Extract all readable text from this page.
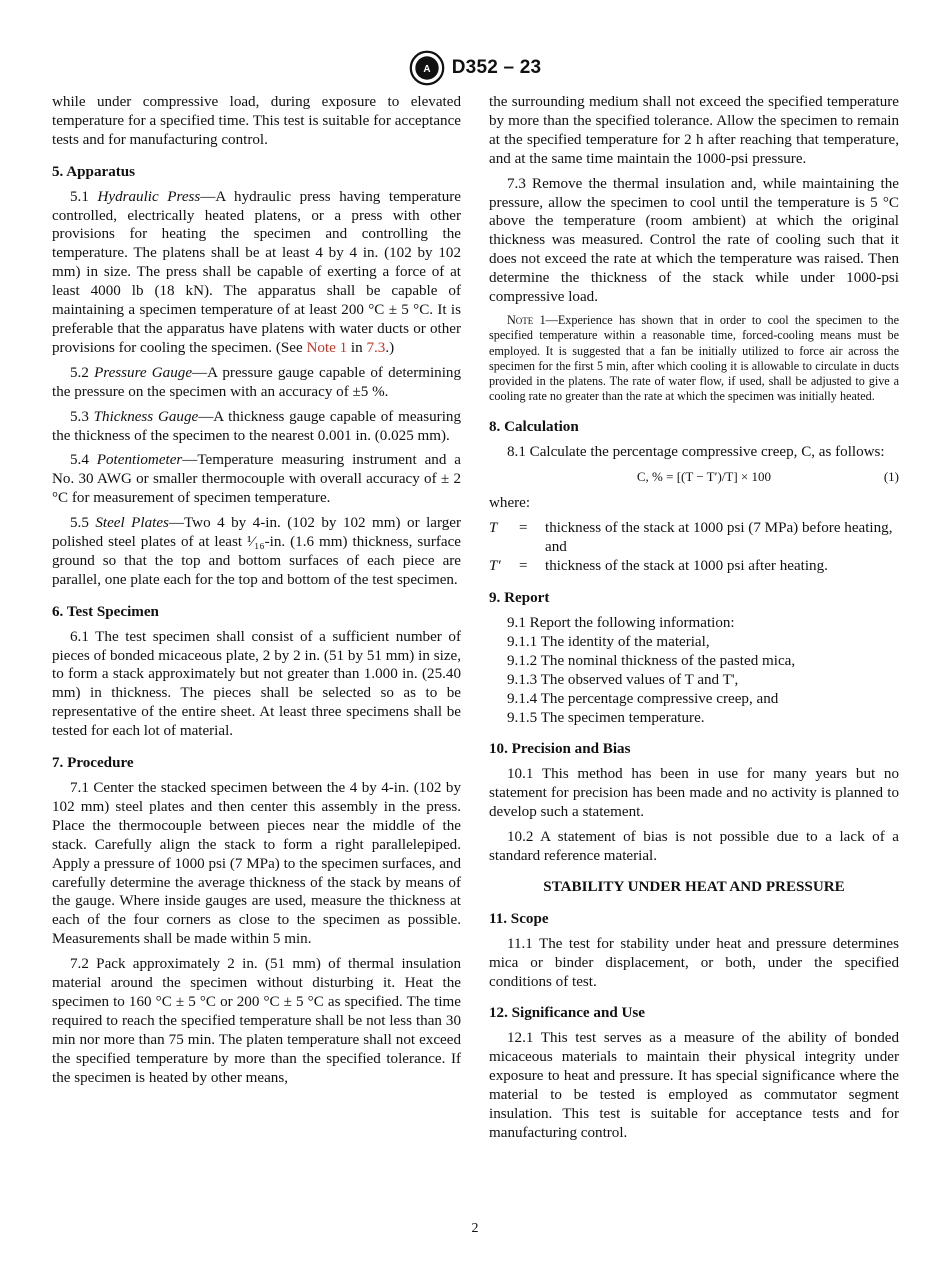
A D352 – 23

while under compressive load, during exposure to elevated temperature for a specified time. This test is suitable for acceptance tests and for manufacturing control.

5. Apparatus

5.1 Hydraulic Press—A hydraulic press having temperature controlled, electrically heated platens, or a press with other provisions for heating the specimen and controlling the temperature. The platens shall be at least 4 by 4 in. (102 by 102 mm) in size. The press shall be capable of exerting a force of at least 4000 lb (18 kN). The apparatus shall be capable of maintaining a specimen temperature of at least 200 °C ± 5 °C. It is preferable that the apparatus have platens with water ducts or other provisions for cooling the specimen. (See Note 1 in 7.3.)

5.2 Pressure Gauge—A pressure gauge capable of determining the pressure on the specimen with an accuracy of ±5 %.

5.3 Thickness Gauge—A thickness gauge capable of measuring the thickness of the specimen to the nearest 0.001 in. (0.025 mm).

5.4 Potentiometer—Temperature measuring instrument and a No. 30 AWG or smaller thermocouple with overall accuracy of ± 2 °C for measurement of specimen temperature.

5.5 Steel Plates—Two 4 by 4-in. (102 by 102 mm) or larger polished steel plates of at least ¹⁄₁₆-in. (1.6 mm) thickness, surface ground so that the top and bottom surfaces of each piece are parallel, one plate each for the top and bottom of the test specimen.

6. Test Specimen

6.1 The test specimen shall consist of a sufficient number of pieces of bonded micaceous plate, 2 by 2 in. (51 by 51 mm) in size, to form a stack approximately but not greater than 1.000 in. (25.40 mm) in thickness. The pieces shall be selected so as to be representative of the entire sheet. At least three specimens shall be tested for each lot of material.

7. Procedure

7.1 Center the stacked specimen between the 4 by 4-in. (102 by 102 mm) steel plates and then center this assembly in the press. Place the thermocouple between pieces near the middle of the stack. Carefully align the stack to form a right parallelepiped. Apply a pressure of 1000 psi (7 MPa) to the specimen surfaces, and carefully determine the average thickness of the stack by means of the gauge. Where inside gauges are used, measure the thickness at each of the four corners as close to the specimen as possible. Measurements shall be made within 5 min.

7.2 Pack approximately 2 in. (51 mm) of thermal insulation material around the specimen without disturbing it. Heat the specimen to 160 °C ± 5 °C or 200 °C ± 5 °C as specified. The time required to reach the specified temperature shall be not less than 30 min nor more than 75 min. The platen temperature shall not exceed the specified temperature by more than the specified tolerance. If the specimen is heated by other means,

the surrounding medium shall not exceed the specified temperature by more than the specified tolerance. Allow the specimen to remain at the specified temperature for 2 h after reaching that temperature, and at the same time maintain the 1000-psi pressure.

7.3 Remove the thermal insulation and, while maintaining the pressure, allow the specimen to cool until the temperature is 5 °C above the temperature (room ambient) at which the original thickness was measured. Control the rate of cooling such that it does not exceed the rate at which the temperature was raised. Then determine the thickness of the stack while under 1000-psi compressive load.

Note 1—Experience has shown that in order to cool the specimen to the specified temperature within a reasonable time, forced-cooling means must be employed. It is suggested that a fan be initially utilized to force air across the specimen for the first 5 min, after which cooling it is allowable to circulate in ducts provided in the platens. The rate of water flow, if used, shall be adjusted to give a cooling rate no greater than the rate at which the specimen was initially heated.
8. Calculation

8.1 Calculate the percentage compressive creep, C, as follows:

C, % = [(T − T′)/T] × 100	(1)

where:

T	=	thickness of the stack at 1000 psi (7 MPa) before heating, and
T′	=	thickness of the stack at 1000 psi after heating.
9. Report

9.1 Report the following information:

9.1.1 The identity of the material,

9.1.2 The nominal thickness of the pasted mica,

9.1.3 The observed values of T and T',

9.1.4 The percentage compressive creep, and

9.1.5 The specimen temperature.

10. Precision and Bias

10.1 This method has been in use for many years but no statement for precision has been made and no activity is planned to develop such a statement.

10.2 A statement of bias is not possible due to a lack of a standard reference material.

STABILITY UNDER HEAT AND PRESSURE
11. Scope

11.1 The test for stability under heat and pressure determines mica or binder displacement, or both, under the specified conditions of test.

12. Significance and Use

12.1 This test serves as a measure of the ability of bonded micaceous materials to maintain their physical integrity under exposure to heat and pressure. It has special significance where the material to be tested is employed as commutator segment insulation. This test is suitable for acceptance tests and for manufacturing control.

2
